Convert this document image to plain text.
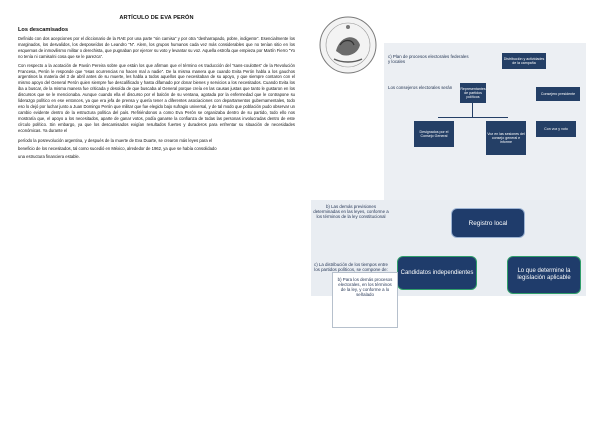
ARTÍCULO DE EVA PERÓN
Los descamisados

Definido con dos acepciones por el diccionario de la RAE por una parte “sin camisa” y por otra “desharrapado, pobre, indigente”. Esencialmente los marginados, los desvalidos, los desposeídos de Leandro “N”. Alem, los grupos humanos cada vez más considerables que no tenían sitio en los esquemas de inmovilismo militar o derechista, que pugnaban por ejercer su voto y levantar su voz. Aquella estrofa que empieza por Martín Fierro “Yo no tenía ni camisa/ni cosa que se le parezca”.

Con respecto a la acotación de Pavón Pereira sobre que están los que afirman que el término es traducción del “sans-coulottes” de la Revolución Francesa, Perón le responde que “esas ocurrencias no hacen mal a nadie”. De la misma manera que cuando Evita Perón habla a los gauchos argentinos la materia del 3 de abril antes de su muerte, les habla a todos aquellos que necesitaban de su apoyo, y que siempre contaron con el mismo apoyo del General Perón quien siempre fue descalificado y hasta difamado por donar bienes y servicios a los necesitados. Cuando Evita los iba a buscar, de la misma manera fue criticada y desoída de que buscaba al General porque creía en las causas justas que tanto le gustaron en los discursos que se le mencionaba. Aunque cuando ella el discurso por el balcón de su ventana, agotada por la enfermedad que le contrapone su liderazgo político en ese entonces, ya que era jefa de prensa y quería tener a diferentes asociaciones con departamentos gubernamentales, todo eso lo dejó por luchar junto a Juan Domingo Perón que militar que fue elegido bajo sufragio universal, y de tal modo que población pudo observar un cambio evidente dentro de la estructura política del país. Refiriéndonos a como Eva Perón se organizaba dentro de su partido, todo ello nos mostraría que, el apoyo a los necesitados, aparte de ganar votos, podía ganarse la confianza de todas las personas involucradas dentro de este círculo político. Sin embargo, ya que los descamisados exigían resultados fuertes y duraderos para enfrentar su situación de necesidades económicas. Ya durante el

período la posrevolución argentina, y después de la muerte de Eva Duarte, se crearon más leyes para el

beneficio de los necesitados, tal como sucedió en México, alrededor de 1962, ya que se había consolidado

una estructura financiera estable.

c) Plan de procesos electorales federales y locales
Distribución y actividades de la campaña
Los consejeros electorales serán	Representantes de partidos políticos
Consejero presidente
Designados por el Consejo General
Voz en las sesiones del consejo general e informe
Con voz y voto
b) Las demás previsiones determinadas en las leyes, conforme a los términos de la ley constitucional
Registro local
c) La distribución de los tiempos entre los partidos políticos, se compone de:
Candidatos independientes	Lo que determine la legislación aplicable
b) Para los demás procesos electorales, en los términos de la ley, y conforme a lo señalado
